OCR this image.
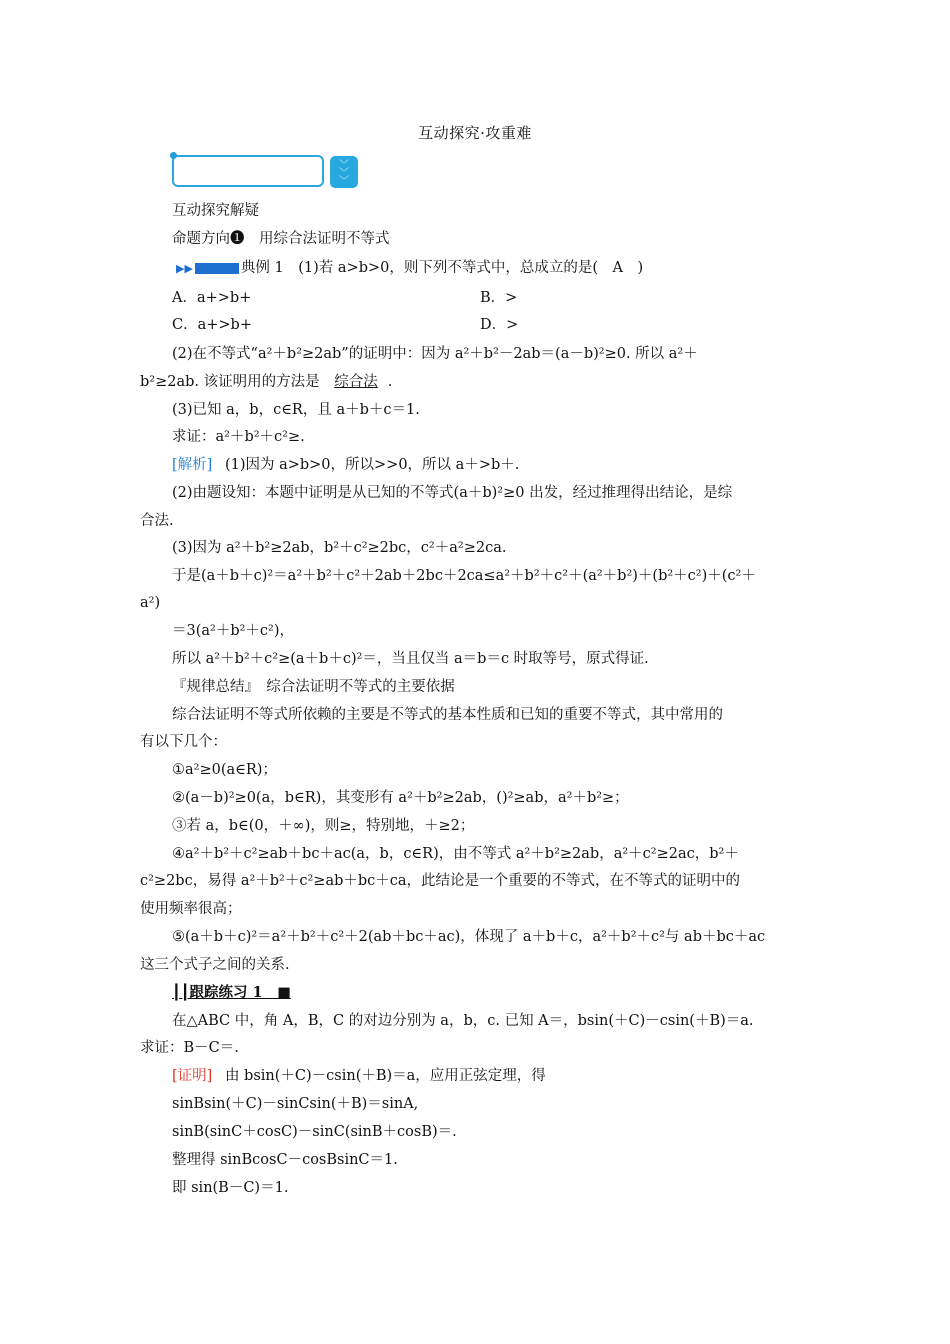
互动探究·攻重难
﹀
﹀
﹀
互动探究解疑
命题方向❶　用综合法证明不等式
▶▶	典例 1　(1)若 a>b>0，则下列不等式中，总成立的是(　A　)
A．a+>b+	B．>
C．a+>b+	D．>
(2)在不等式“a²＋b²≥2ab”的证明中：因为 a²＋b²－2ab＝(a－b)²≥0. 所以 a²＋
b²≥2ab. 该证明用的方法是 综合法 .
(3)已知 a，b，c∈R，且 a＋b＋c＝1.
求证：a²＋b²＋c²≥.
[解析] (1)因为 a>b>0，所以>>0，所以 a＋>b＋.
(2)由题设知：本题中证明是从已知的不等式(a＋b)²≥0 出发，经过推理得出结论，是综
合法.
(3)因为 a²＋b²≥2ab，b²＋c²≥2bc，c²＋a²≥2ca.
于是(a＋b＋c)²＝a²＋b²＋c²＋2ab＋2bc＋2ca≤a²＋b²＋c²＋(a²＋b²)＋(b²＋c²)＋(c²＋
a²)
＝3(a²＋b²＋c²)，
所以 a²＋b²＋c²≥(a＋b＋c)²＝，当且仅当 a＝b＝c 时取等号，原式得证.
『规律总结』　综合法证明不等式的主要依据
综合法证明不等式所依赖的主要是不等式的基本性质和已知的重要不等式，其中常用的
有以下几个：
①a²≥0(a∈R)；
②(a－b)²≥0(a，b∈R)，其变形有 a²＋b²≥2ab，()²≥ab，a²＋b²≥；
③若 a，b∈(0，＋∞)，则≥，特别地，＋≥2；
④a²＋b²＋c²≥ab＋bc＋ac(a，b，c∈R)，由不等式 a²＋b²≥2ab，a²＋c²≥2ac，b²＋
c²≥2bc，易得 a²＋b²＋c²≥ab＋bc＋ca，此结论是一个重要的不等式，在不等式的证明中的
使用频率很高；
⑤(a＋b＋c)²＝a²＋b²＋c²＋2(ab＋bc＋ac)，体现了 a＋b＋c，a²＋b²＋c²与 ab＋bc＋ac
这三个式子之间的关系.
┃┃跟踪练习 1　■
在△ABC 中，角 A，B，C 的对边分别为 a，b，c. 已知 A＝，bsin(＋C)－csin(＋B)＝a.
求证：B－C＝.
[证明] 由 bsin(＋C)－csin(＋B)＝a，应用正弦定理，得
sinBsin(＋C)－sinCsin(＋B)＝sinA,
sinB(sinC＋cosC)－sinC(sinB＋cosB)＝.
整理得 sinBcosC－cosBsinC＝1.
即 sin(B－C)＝1.
